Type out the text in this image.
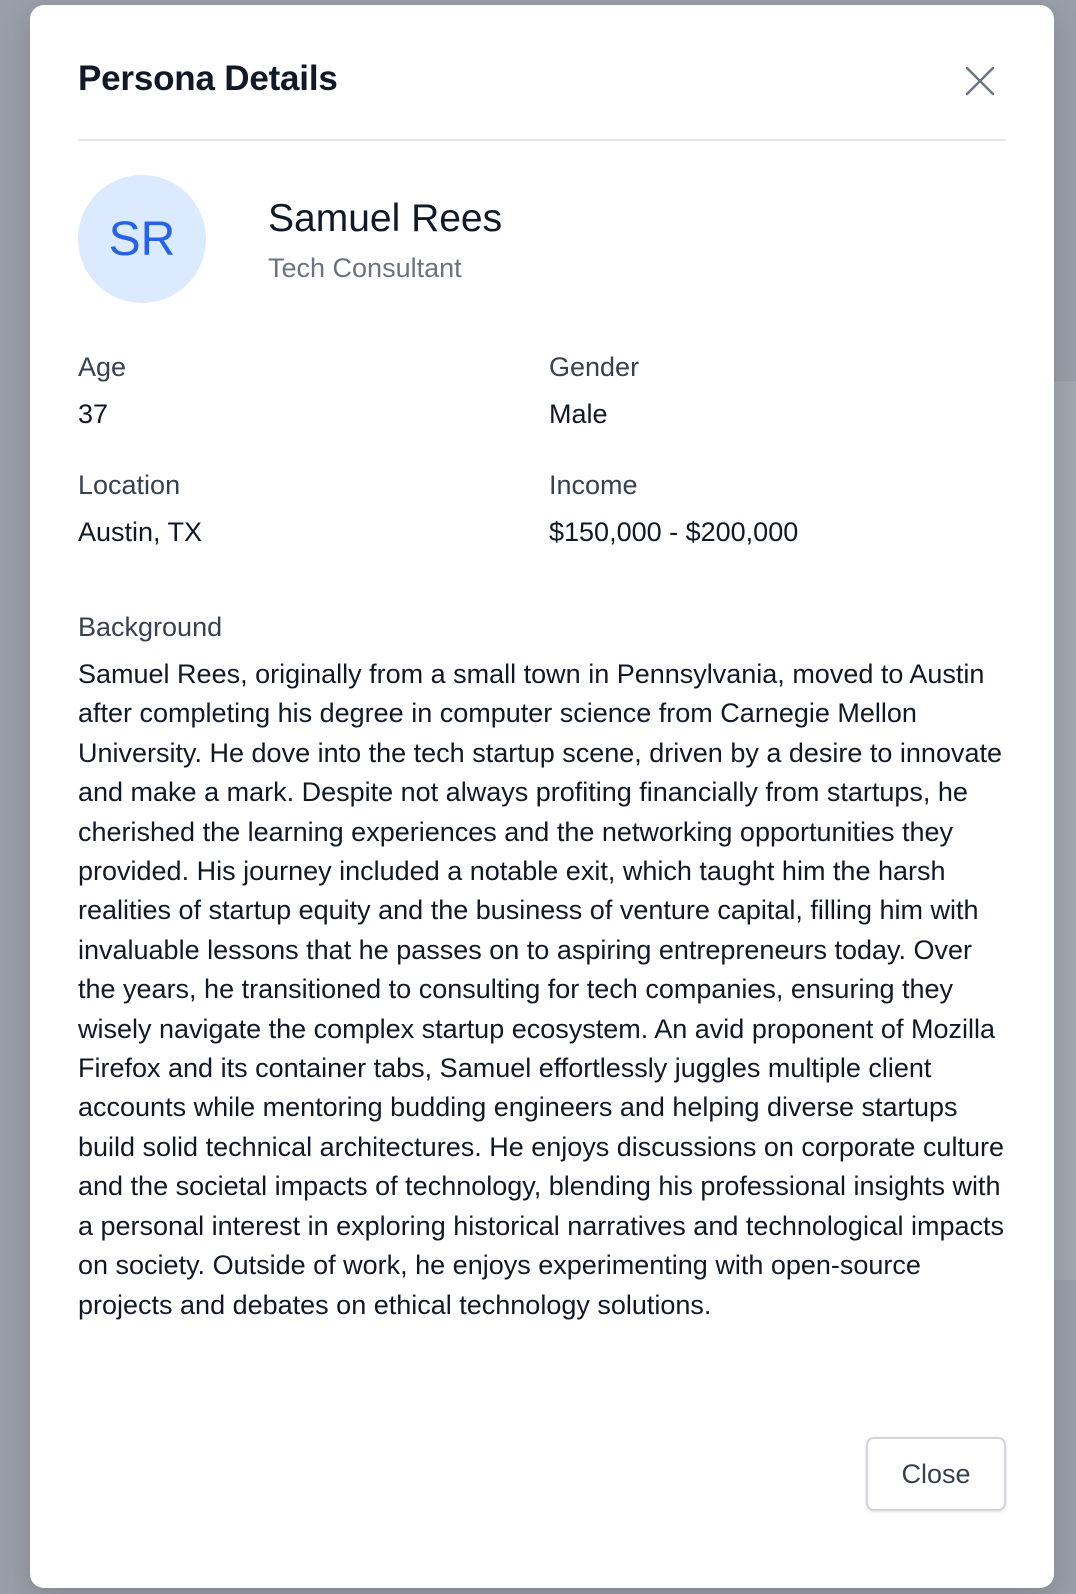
Persona Details
SR Samuel Rees
Tech Consultant
Age
37
Gender
Male
Location
Austin, TX
Income
$150,000 - $200,000
Background

Samuel Rees, originally from a small town in Pennsylvania, moved to Austin after completing his degree in computer science from Carnegie Mellon University. He dove into the tech startup scene, driven by a desire to innovate and make a mark. Despite not always profiting financially from startups, he cherished the learning experiences and the networking opportunities they provided. His journey included a notable exit, which taught him the harsh realities of startup equity and the business of venture capital, filling him with invaluable lessons that he passes on to aspiring entrepreneurs today. Over the years, he transitioned to consulting for tech companies, ensuring they wisely navigate the complex startup ecosystem. An avid proponent of Mozilla Firefox and its container tabs, Samuel effortlessly juggles multiple client accounts while mentoring budding engineers and helping diverse startups build solid technical architectures. He enjoys discussions on corporate culture and the societal impacts of technology, blending his professional insights with a personal interest in exploring historical narratives and technological impacts on society. Outside of work, he enjoys experimenting with open-source projects and debates on ethical technology solutions.

Close
